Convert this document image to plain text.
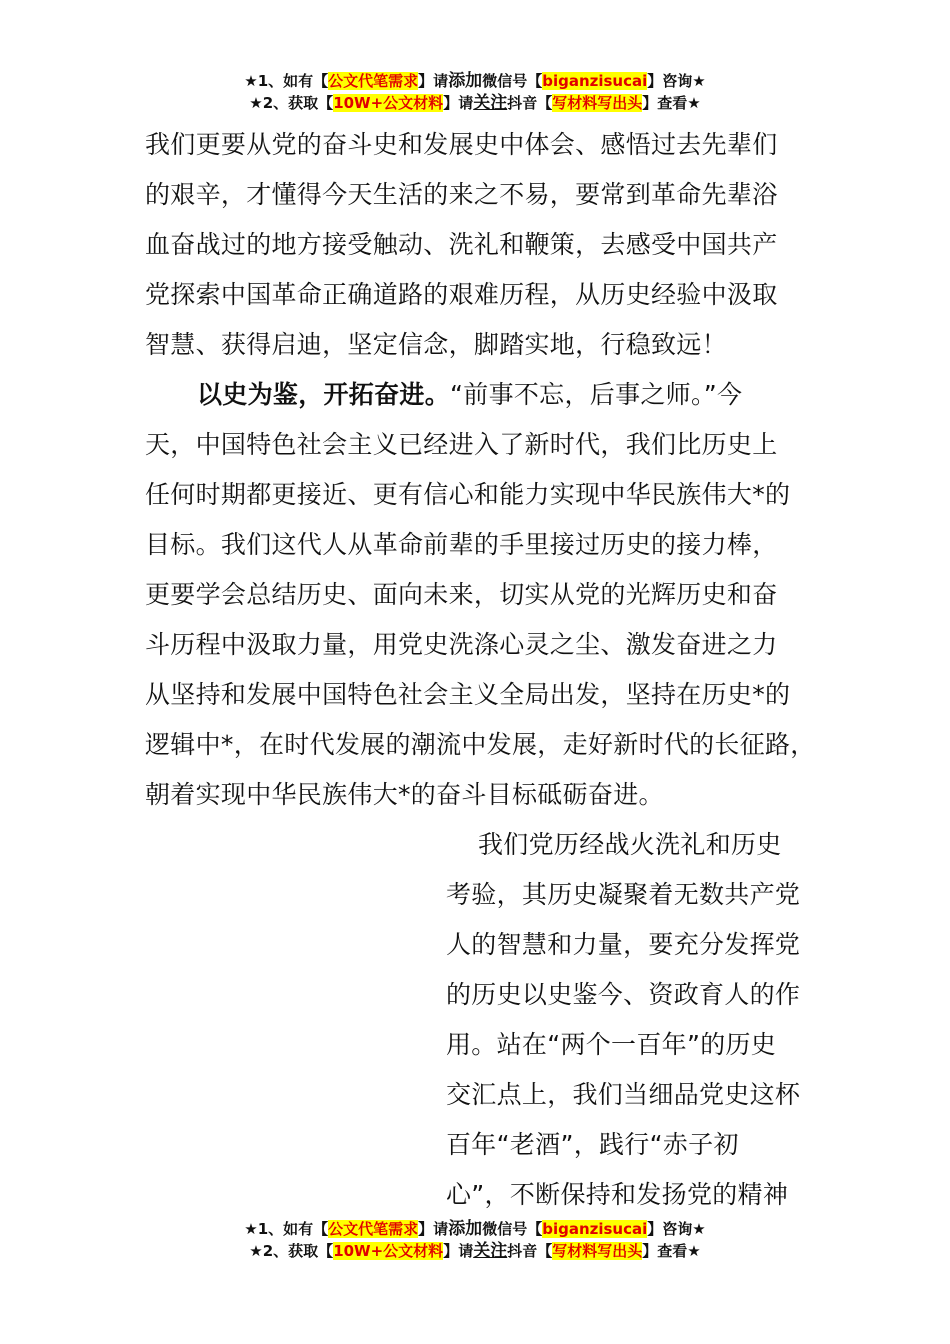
★1、如有【公文代笔需求】请添加微信号【biganzisucai】咨询★
★2、获取【10W+公文材料】请关注抖音【写材料写出头】查看★
我们更要从党的奋斗史和发展史中体会、感悟过去先辈们
的艰辛，才懂得今天生活的来之不易，要常到革命先辈浴
血奋战过的地方接受触动、洗礼和鞭策，去感受中国共产
党探索中国革命正确道路的艰难历程，从历史经验中汲取
智慧、获得启迪，坚定信念，脚踏实地，行稳致远！
以史为鉴，开拓奋进。“前事不忘，后事之师。”今
天，中国特色社会主义已经进入了新时代，我们比历史上
任何时期都更接近、更有信心和能力实现中华民族伟大*的
目标。我们这代人从革命前辈的手里接过历史的接力棒，
更要学会总结历史、面向未来，切实从党的光辉历史和奋
斗历程中汲取力量，用党史洗涤心灵之尘、激发奋进之力
从坚持和发展中国特色社会主义全局出发，坚持在历史*的
逻辑中*，在时代发展的潮流中发展，走好新时代的长征路，
朝着实现中华民族伟大*的奋斗目标砥砺奋进。
我们党历经战火洗礼和历史
考验，其历史凝聚着无数共产党
人的智慧和力量，要充分发挥党
的历史以史鉴今、资政育人的作
用。站在“两个一百年”的历史
交汇点上，我们当细品党史这杯
百年“老酒”，践行“赤子初
心”，不断保持和发扬党的精神
★1、如有【公文代笔需求】请添加微信号【biganzisucai】咨询★
★2、获取【10W+公文材料】请关注抖音【写材料写出头】查看★
